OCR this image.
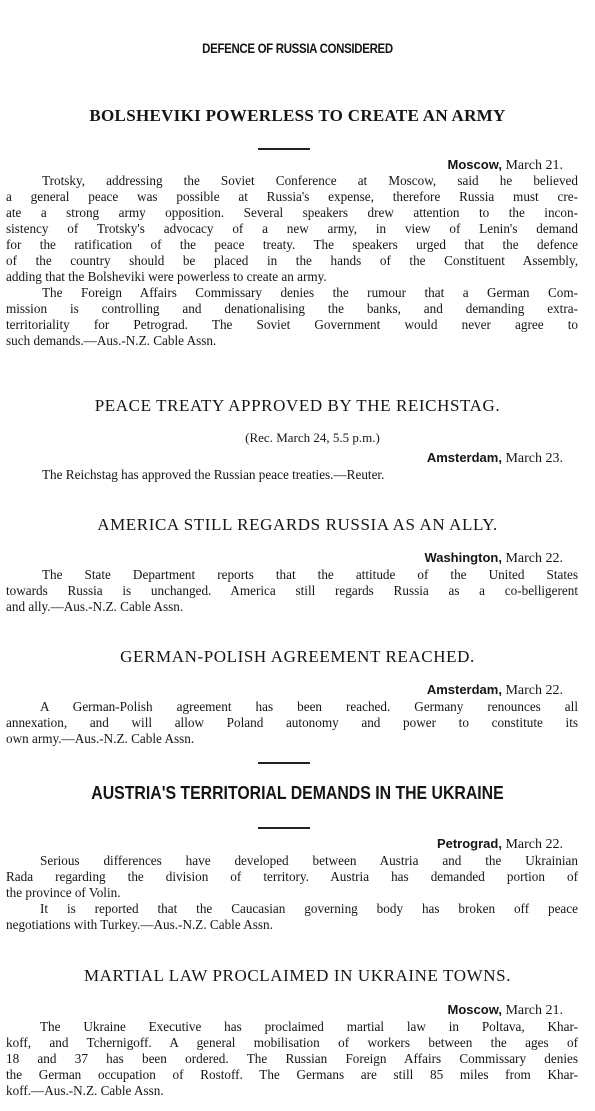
DEFENCE OF RUSSIA CONSIDERED
BOLSHEVIKI POWERLESS TO CREATE AN ARMY
Moscow, March 21.
Trotsky, addressing the Soviet Conference at Moscow, said he believed
a general peace was possible at Russia's expense, therefore Russia must cre-
ate a strong army opposition. Several speakers drew attention to the incon-
sistency of Trotsky's advocacy of a new army, in view of Lenin's demand
for the ratification of the peace treaty. The speakers urged that the defence
of the country should be placed in the hands of the Constituent Assembly,
adding that the Bolsheviki were powerless to create an army.
The Foreign Affairs Commissary denies the rumour that a German Com-
mission is controlling and denationalising the banks, and demanding extra-
territoriality for Petrograd. The Soviet Government would never agree to
such demands.—Aus.-N.Z. Cable Assn.
PEACE TREATY APPROVED BY THE REICHSTAG.
(Rec. March 24, 5.5 p.m.)
Amsterdam, March 23.
The Reichstag has approved the Russian peace treaties.—Reuter.
AMERICA STILL REGARDS RUSSIA AS AN ALLY.
Washington, March 22.
The State Department reports that the attitude of the United States
towards Russia is unchanged. America still regards Russia as a co-belligerent
and ally.—Aus.-N.Z. Cable Assn.
GERMAN-POLISH AGREEMENT REACHED.
Amsterdam, March 22.
A German-Polish agreement has been reached. Germany renounces all
annexation, and will allow Poland autonomy and power to constitute its
own army.—Aus.-N.Z. Cable Assn.
AUSTRIA'S TERRITORIAL DEMANDS IN THE UKRAINE
Petrograd, March 22.
Serious differences have developed between Austria and the Ukrainian
Rada regarding the division of territory. Austria has demanded portion of
the province of Volin.
It is reported that the Caucasian governing body has broken off peace
negotiations with Turkey.—Aus.-N.Z. Cable Assn.
MARTIAL LAW PROCLAIMED IN UKRAINE TOWNS.
Moscow, March 21.
The Ukraine Executive has proclaimed martial law in Poltava, Khar-
koff, and Tchernigoff. A general mobilisation of workers between the ages of
18 and 37 has been ordered. The Russian Foreign Affairs Commissary denies
the German occupation of Rostoff. The Germans are still 85 miles from Khar-
koff.—Aus.-N.Z. Cable Assn.
